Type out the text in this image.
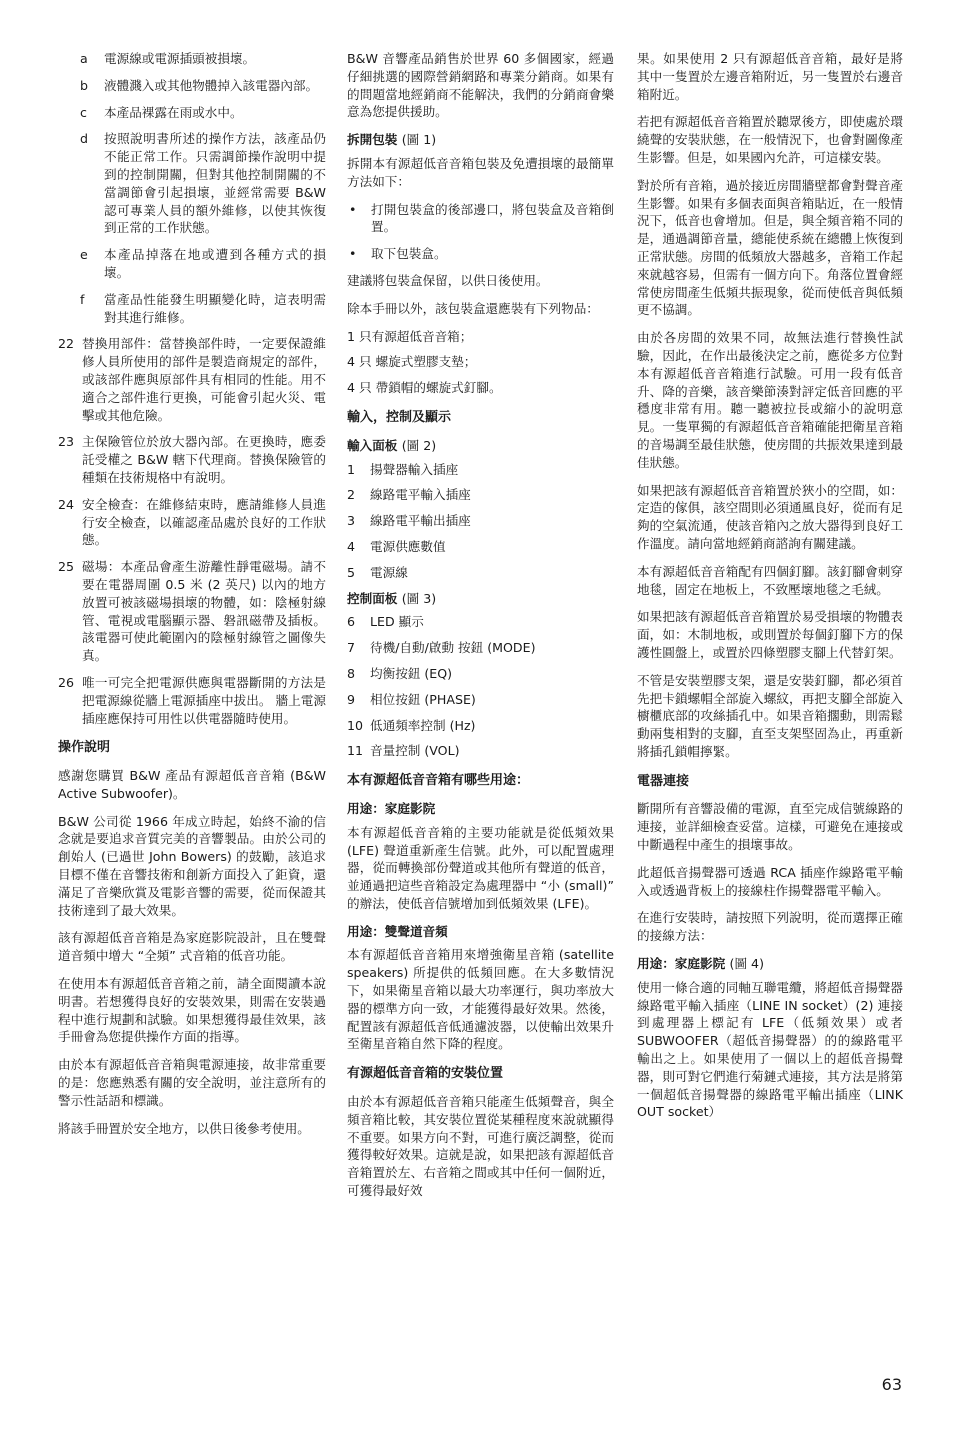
a	電源線或電源插頭被損壞。
b	液體濺入或其他物體掉入該電器內部。
c	本產品裸露在雨或水中。
d	按照說明書所述的操作方法，該產品仍不能正常工作。只需調節操作說明中提到的控制開關，但對其他控制開關的不當調節會引起損壞，並經常需要 B&W 認可專業人員的額外維修，以使其恢復到正常的工作狀態。
e	本產品掉落在地或遭到各種方式的損壞。
f	當產品性能發生明顯變化時，這表明需對其進行維修。
22 替換用部件：當替換部件時，一定要保證維修人員所使用的部件是製造商規定的部件，或該部件應與原部件具有相同的性能。用不適合之部件進行更換，可能會引起火災、電擊或其他危險。
23 主保險管位於放大器內部。在更換時，應委託受權之 B&W 轄下代理商。替換保險管的種類在技術規格中有說明。
24 安全檢查：在維修結束時，應請維修人員進行安全檢查，以確認產品處於良好的工作狀態。
25 磁場：本產品會產生游離性靜電磁場。請不要在電器周圍 0.5 米 (2 英尺) 以內的地方放置可被該磁場損壞的物體，如：陰極射線管、電視或電腦顯示器、磐訊磁帶及插板。該電器可使此範圍內的陰極射線管之圖像失真。
26 唯一可完全把電源供應與電器斷開的方法是把電源線從牆上電源插座中拔出。 牆上電源插座應保持可用性以供電器隨時使用。
操作說明

感謝您購買 B&W 產品有源超低音音箱 (B&W Active Subwoofer)。

B&W 公司從 1966 年成立時起，始終不渝的信念就是要追求音質完美的音響製品。由於公司的創始人 (已過世 John Bowers) 的鼓勵，該追求目標不僅在音響技術和創新方面投入了鉅資，還滿足了音樂欣賞及電影音響的需要，從而保證其技術達到了最大效果。

該有源超低音音箱是為家庭影院設計，且在雙聲道音頻中增大 “全頻” 式音箱的低音功能。

在使用本有源超低音音箱之前，請全面閱讀本說明書。若想獲得良好的安裝效果，則需在安裝過程中進行規劃和試驗。如果想獲得最佳效果，該手冊會為您提供操作方面的指導。

由於本有源超低音音箱與電源連接，故非常重要的是：您應熟悉有關的安全說明，並注意所有的警示性話語和標識。

將該手冊置於安全地方，以供日後參考使用。

B&W 音響產品銷售於世界 60 多個國家，經過仔細挑選的國際營銷網路和專業分銷商。如果有的問題當地經銷商不能解決，我們的分銷商會樂意為您提供援助。

拆開包裝 (圖 1)

拆開本有源超低音音箱包裝及免遭損壞的最簡單方法如下：

•	打開包裝盒的後部邊口，將包裝盒及音箱倒置。
•	取下包裝盒。

建議將包裝盒保留，以供日後使用。

除本手冊以外，該包裝盒還應裝有下列物品：

1 只有源超低音音箱；
4 只 螺旋式塑膠支墊；
4 只 帶鎖帽的螺旋式釘腳。
輸入，控制及顯示
輸入面板 (圖 2)
1	揚聲器輸入插座
2	線路電平輸入插座
3	線路電平輸出插座
4	電源供應數值
5	電源線
控制面板 (圖 3)
6	LED 顯示
7	待機/自動/啟動 按鈕 (MODE)
8	均衡按鈕 (EQ)
9	相位按鈕 (PHASE)
10 低通頻率控制 (Hz)
11 音量控制 (VOL)
本有源超低音音箱有哪些用途：
用途：家庭影院

本有源超低音音箱的主要功能就是從低頻效果 (LFE) 聲道重新產生信號。此外，可以配置處理器，從而轉換部份聲道或其他所有聲道的低音，並通過把這些音箱設定為處理器中 “小 (small)” 的辦法，使低音信號增加到低頻效果 (LFE)。

用途：雙聲道音頻

本有源超低音音箱用來增強衛星音箱 (satellite speakers) 所提供的低頻回應。在大多數情況下，如果衛星音箱以最大功率運行，與功率放大器的標準方向一致，才能獲得最好效果。然後，配置該有源超低音低通濾波器，以使輸出效果升至衛星音箱自然下降的程度。

有源超低音音箱的安裝位置

由於本有源超低音音箱只能產生低頻聲音，與全頻音箱比較，其安裝位置從某種程度來說就顯得不重要。如果方向不對，可進行廣泛調整，從而獲得較好效果。這就是說，如果把該有源超低音音箱置於左、右音箱之間或其中任何一個附近，可獲得最好效

果。如果使用 2 只有源超低音音箱，最好是將其中一隻置於左邊音箱附近，另一隻置於右邊音箱附近。

若把有源超低音音箱置於聽眾後方，即使處於環繞聲的安裝狀態，在一般情況下，也會對圖像產生影響。但是，如果國內允許，可這樣安裝。

對於所有音箱，過於接近房間牆壁都會對聲音產生影響。如果有多個表面與音箱貼近，在一般情況下，低音也會增加。但是，與全頻音箱不同的是，通過調節音量，總能使系統在總體上恢復到正常狀態。房間的低頻放大器越多，音箱工作起來就越容易，但需有一個方向下。角落位置會經常使房間產生低頻共振現象，從而使低音與低頻更不協調。

由於各房間的效果不同，故無法進行替換性試驗，因此，在作出最後決定之前，應從多方位對本有源超低音音箱進行試驗。可用一段有低音升、降的音樂，該音樂節湊對評定低音回應的平穩度非常有用。聽一聽被拉長或縮小的說明意見。一隻單獨的有源超低音音箱確能把衛星音箱的音場調至最佳狀態，使房間的共振效果達到最佳狀態。

如果把該有源超低音音箱置於狹小的空間，如：定造的傢俱，該空間則必須通風良好，從而有足夠的空氣流通，使該音箱內之放大器得到良好工作溫度。請向當地經銷商諮詢有關建議。

本有源超低音音箱配有四個釘腳。該釘腳會刺穿地毯，固定在地板上，不致壓壞地毯之毛絨。

如果把該有源超低音音箱置於易受損壞的物體表面，如：木制地板，或則置於每個釘腳下方的保護性圓盤上，或置於四條塑膠支腳上代替釘架。

不管是安裝塑膠支架，還是安裝釘腳，都必須首先把卡鎖螺帽全部旋入螺紋，再把支腳全部旋入櫥櫃底部的攻絲插孔中。如果音箱擱動，則需鬆動兩隻相對的支腳，直至支架堅固為止，再重新將插孔鎖帽擰緊。

電器連接

斷開所有音響設備的電源，直至完成信號線路的連接，並詳細檢查妥當。這樣，可避免在連接或中斷過程中產生的損壞事故。

此超低音揚聲器可透過 RCA 插座作線路電平輸入或透過背板上的接線柱作揚聲器電平輸入。

在進行安裝時，請按照下列說明，從而選擇正確的接線方法：

用途：家庭影院 (圖 4)

使用一條合適的同軸互聯電纜，將超低音揚聲器線路電平輸入插座（LINE IN socket）(2) 連接到處理器上標記有 LFE（低頻效果）或者 SUBWOOFER（超低音揚聲器）的的線路電平輸出之上。如果使用了一個以上的超低音揚聲器，則可對它們進行菊鏈式連接，其方法是將第一個超低音揚聲器的線路電平輸出插座（LINK OUT socket）

63
